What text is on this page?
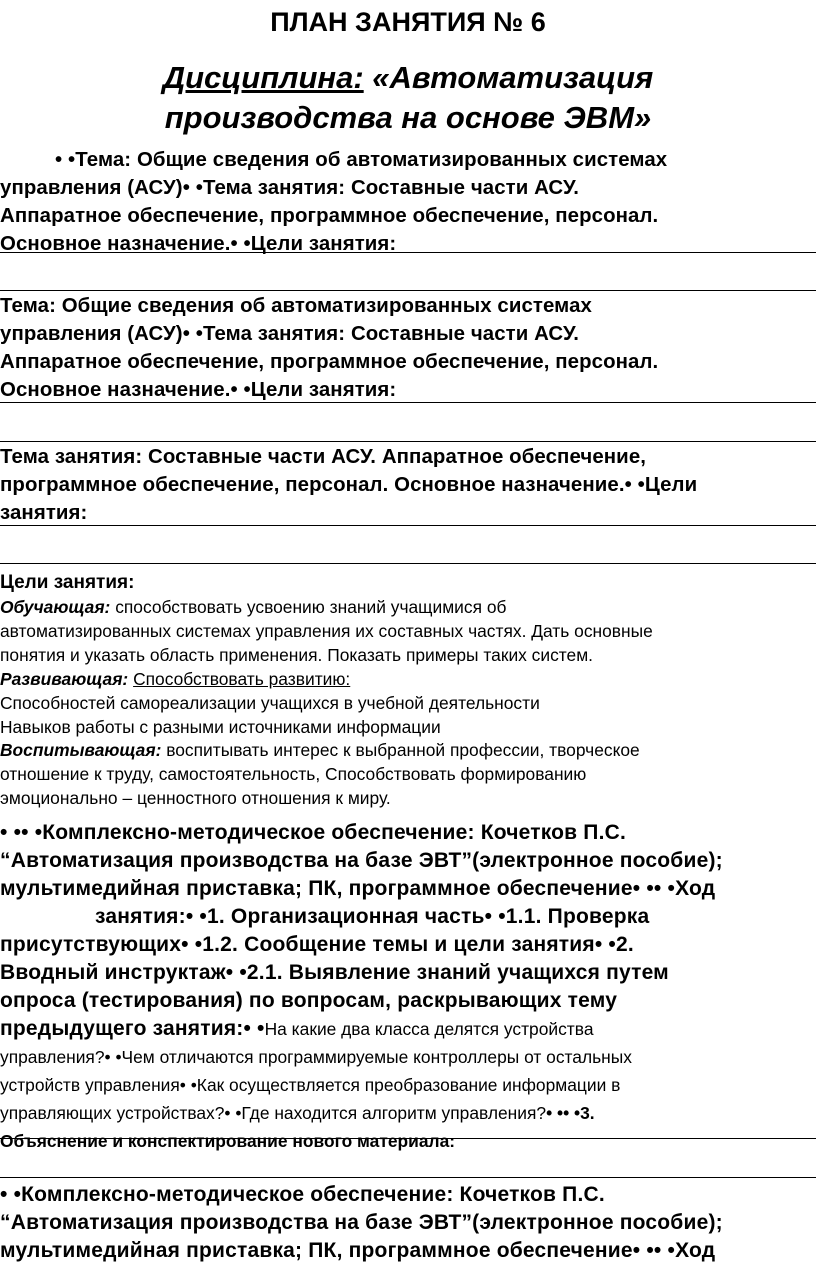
ПЛАН ЗАНЯТИЯ № 6
Дисциплина: «Автоматизация
производства на основе ЭВМ»
• •Тема: Общие сведения об автоматизированных системах
управления (АСУ)• •Тема занятия: Составные части АСУ.
Аппаратное обеспечение, программное обеспечение, персонал.
Основное назначение.• •Цели занятия:
Тема: Общие сведения об автоматизированных системах
управления (АСУ)• •Тема занятия: Составные части АСУ.
Аппаратное обеспечение, программное обеспечение, персонал.
Основное назначение.• •Цели занятия:
Тема занятия: Составные части АСУ. Аппаратное обеспечение,
программное обеспечение, персонал. Основное назначение.• •Цели
занятия:
Цели занятия:
Обучающая: способствовать усвоению знаний учащимися об
автоматизированных системах управления их составных частях. Дать основные
понятия и указать область применения. Показать примеры таких систем.
Развивающая: Способствовать развитию:
Способностей самореализации учащихся в учебной деятельности
Навыков работы с разными источниками информации
Воспитывающая: воспитывать интерес к выбранной профессии, творческое
отношение к труду, самостоятельность, Способствовать формированию
эмоционально – ценностного отношения к миру.
• •• •Комплексно-методическое обеспечение: Кочетков П.С.
“Автоматизация производства на базе ЭВТ”(электронное пособие);
мультимедийная приставка; ПК, программное обеспечение• •• •Ход
занятия:• •1. Организационная часть• •1.1. Проверка
присутствующих• •1.2. Сообщение темы и цели занятия• •2.
Вводный инструктаж• •2.1. Выявление знаний учащихся путем
опроса (тестирования) по вопросам, раскрывающих тему
предыдущего занятия:• •На какие два класса делятся устройства
управления?• •Чем отличаются программируемые контроллеры от остальных
устройств управления• •Как осуществляется преобразование информации в
управляющих устройствах?• •Где находится алгоритм управления?• •• •3.
Объяснение и конспектирование нового материала:
• •Комплексно-методическое обеспечение: Кочетков П.С.
“Автоматизация производства на базе ЭВТ”(электронное пособие);
мультимедийная приставка; ПК, программное обеспечение• •• •Ход
